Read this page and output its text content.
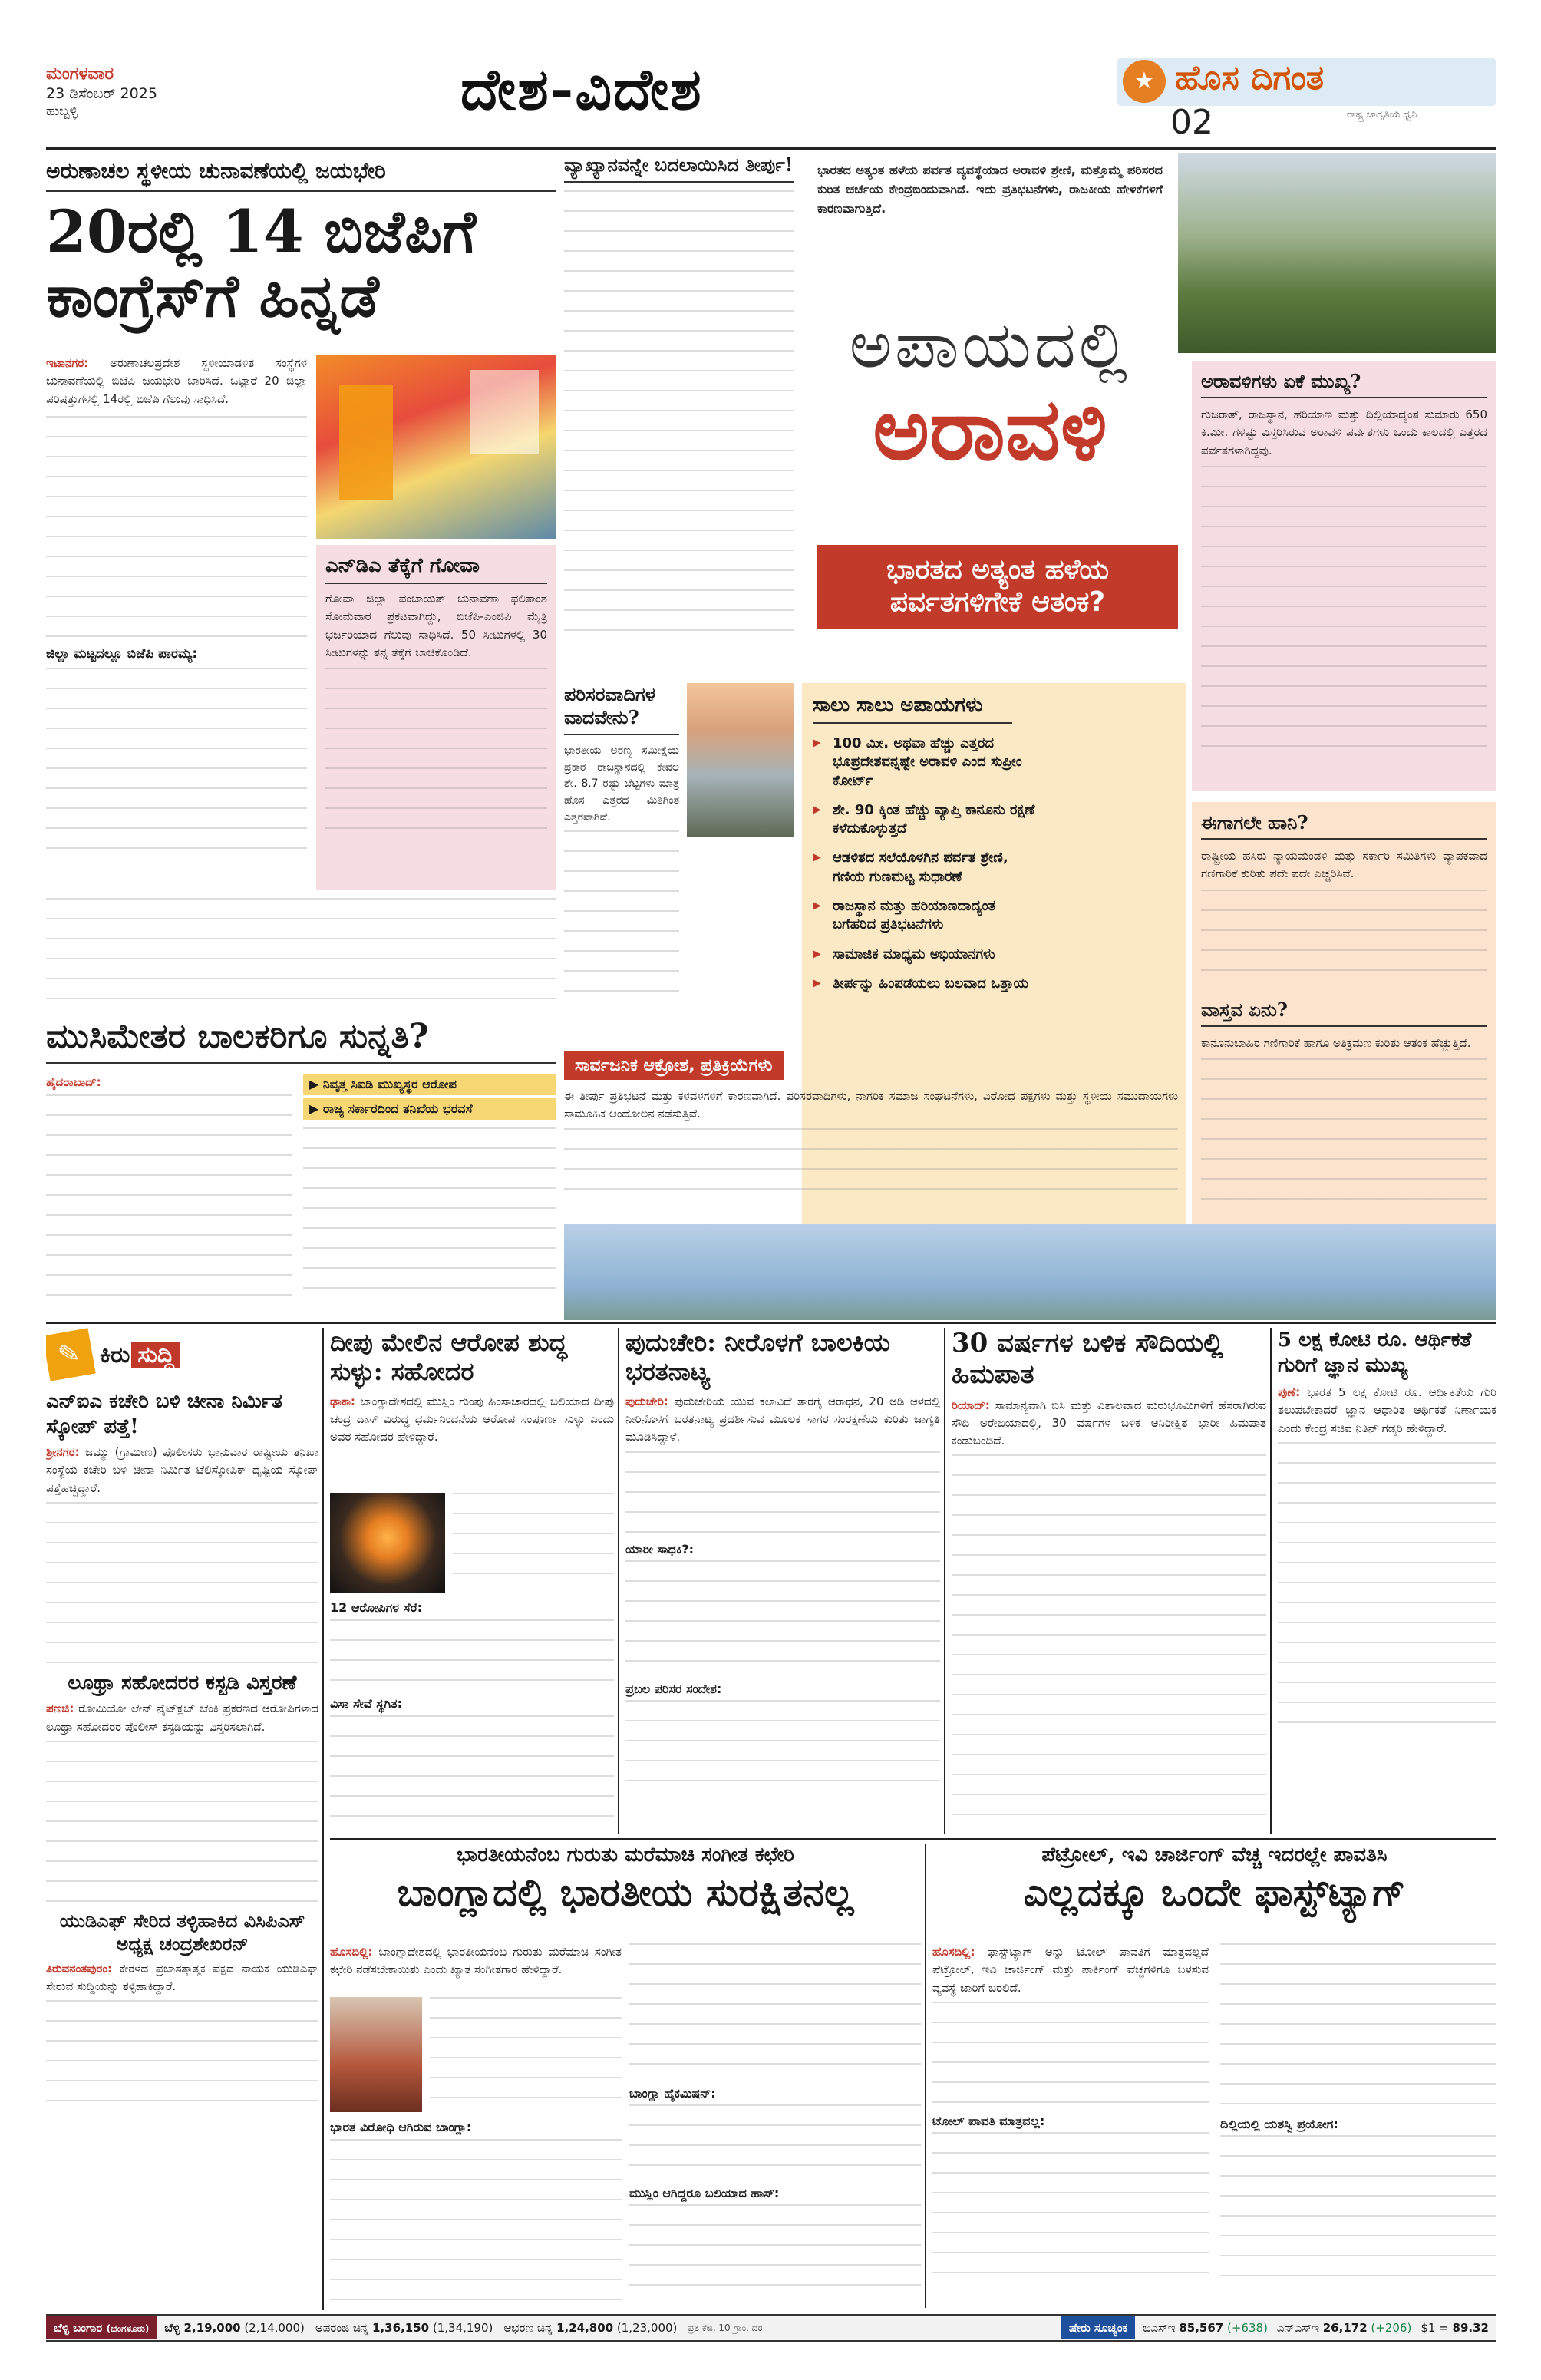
ಮಂಗಳವಾರ
23 ಡಿಸೆಂಬರ್ 2025
ಹುಬ್ಬಳ್ಳಿ	ದೇಶ-ವಿದೇಶ	★ ಹೊಸ ದಿಗಂತ
ರಾಷ್ಟ್ರ ಜಾಗೃತಿಯ ಧ್ವನಿ
02
ಅರುಣಾಚಲ ಸ್ಥಳೀಯ ಚುನಾವಣೆಯಲ್ಲಿ ಜಯಭೇರಿ
20ರಲ್ಲಿ 14 ಬಿಜೆಪಿಗೆ
ಕಾಂಗ್ರೆಸ್‌ಗೆ ಹಿನ್ನಡೆ

ಇಟಾನಗರ: ಅರುಣಾಚಲಪ್ರದೇಶ ಸ್ಥಳೀಯಾಡಳಿತ ಸಂಸ್ಥೆಗಳ ಚುನಾವಣೆಯಲ್ಲಿ ಬಿಜೆಪಿ ಜಯಭೇರಿ ಬಾರಿಸಿದೆ. ಒಟ್ಟಾರೆ 20 ಜಿಲ್ಲಾ ಪರಿಷತ್ತುಗಳಲ್ಲಿ 14ರಲ್ಲಿ ಬಿಜೆಪಿ ಗೆಲುವು ಸಾಧಿಸಿದೆ.

ಜಿಲ್ಲಾ ಮಟ್ಟದಲ್ಲೂ ಬಿಜೆಪಿ ಪಾರಮ್ಯ:

ಎನ್‌ಡಿಎ ತೆಕ್ಕೆಗೆ ಗೋವಾ

ಗೋವಾ ಜಿಲ್ಲಾ ಪಂಚಾಯತ್ ಚುನಾವಣಾ ಫಲಿತಾಂಶ ಸೋಮವಾರ ಪ್ರಕಟವಾಗಿದ್ದು, ಬಿಜೆಪಿ-ಎಂಜಿಪಿ ಮೈತ್ರಿ ಭರ್ಜರಿಯಾದ ಗೆಲುವು ಸಾಧಿಸಿದೆ. 50 ಸೀಟುಗಳಲ್ಲಿ 30 ಸೀಟುಗಳನ್ನು ತನ್ನ ತೆಕ್ಕೆಗೆ ಬಾಚಿಕೊಂಡಿದೆ.

ಮುಸಿಮೇತರ ಬಾಲಕರಿಗೂ ಸುನ್ನತಿ?

ಹೈದರಾಬಾದ್:	▶ ನಿವೃತ್ತ ಸಿಐಡಿ ಮುಖ್ಯಸ್ಥರ ಆರೋಪ
▶ ರಾಜ್ಯ ಸರ್ಕಾರದಿಂದ ತನಿಖೆಯ ಭರವಸೆ
ವ್ಯಾಖ್ಯಾನವನ್ನೇ ಬದಲಾಯಿಸಿದ ತೀರ್ಪು! ಭಾರತದ ಅತ್ಯಂತ ಹಳೆಯ ಪರ್ವತ ವ್ಯವಸ್ಥೆಯಾದ ಅರಾವಳಿ ಶ್ರೇಣಿ, ಮತ್ತೊಮ್ಮೆ ಪರಿಸರದ ಕುರಿತ ಚರ್ಚೆಯ ಕೇಂದ್ರಬಿಂದುವಾಗಿದೆ. ಇದು ಪ್ರತಿಭಟನೆಗಳು, ರಾಜಕೀಯ ಹೇಳಿಕೆಗಳಿಗೆ ಕಾರಣವಾಗುತ್ತಿದೆ.

ಅಪಾಯದಲ್ಲಿ
ಅರಾವಳಿ
ಭಾರತದ ಅತ್ಯಂತ ಹಳೆಯ
ಪರ್ವತಗಳಿಗೇಕೆ ಆತಂಕ?
ಅರಾವಳಿಗಳು ಏಕೆ ಮುಖ್ಯ?

ಗುಜರಾತ್, ರಾಜಸ್ಥಾನ, ಹರಿಯಾಣ ಮತ್ತು ದಿಲ್ಲಿಯಾದ್ಯಂತ ಸುಮಾರು 650 ಕಿ.ಮೀ. ಗಳಷ್ಟು ವಿಸ್ತರಿಸಿರುವ ಅರಾವಳಿ ಪರ್ವತಗಳು ಒಂದು ಕಾಲದಲ್ಲಿ ಎತ್ತರದ ಪರ್ವತಗಳಾಗಿದ್ದವು.

ಈಗಾಗಲೇ ಹಾನಿ?

ರಾಷ್ಟ್ರೀಯ ಹಸಿರು ನ್ಯಾಯಮಂಡಳಿ ಮತ್ತು ಸರ್ಕಾರಿ ಸಮಿತಿಗಳು ವ್ಯಾಪಕವಾದ ಗಣಿಗಾರಿಕೆ ಕುರಿತು ಪದೇ ಪದೇ ಎಚ್ಚರಿಸಿವೆ.

ವಾಸ್ತವ ಏನು?

ಕಾನೂನುಬಾಹಿರ ಗಣಿಗಾರಿಕೆ ಹಾಗೂ ಅತಿಕ್ರಮಣ ಕುರಿತು ಆತಂಕ ಹೆಚ್ಚುತ್ತಿದೆ.

ಪರಿಸರವಾದಿಗಳ ವಾದವೇನು?

ಭಾರತೀಯ ಅರಣ್ಯ ಸಮೀಕ್ಷೆಯ ಪ್ರಕಾರ ರಾಜಸ್ಥಾನದಲ್ಲಿ ಕೇವಲ ಶೇ. 8.7 ರಷ್ಟು ಬೆಟ್ಟಗಳು ಮಾತ್ರ ಹೊಸ ಎತ್ತರದ ಮಿತಿಗಿಂತ ಎತ್ತರವಾಗಿವೆ.

ಸಾಲು ಸಾಲು ಅಪಾಯಗಳು
▶ 100 ಮೀ. ಅಥವಾ ಹೆಚ್ಚು ಎತ್ತರದ ಭೂಪ್ರದೇಶವನ್ನಷ್ಟೇ ಅರಾವಳಿ ಎಂದ ಸುಪ್ರೀಂ ಕೋರ್ಟ್
▶ ಶೇ. 90 ಕ್ಕಿಂತ ಹೆಚ್ಚು ವ್ಯಾಪ್ತಿ ಕಾನೂನು ರಕ್ಷಣೆ ಕಳೆದುಕೊಳ್ಳುತ್ತದೆ
▶ ಆಡಳಿತದ ಸಲೆಯೊಳಗಿನ ಪರ್ವತ ಶ್ರೇಣಿ, ಗಣಿಯ ಗುಣಮಟ್ಟ ಸುಧಾರಣೆ
▶ ರಾಜಸ್ಥಾನ ಮತ್ತು ಹರಿಯಾಣದಾದ್ಯಂತ ಬಗೆಹರಿದ ಪ್ರತಿಭಟನೆಗಳು
▶ ಸಾಮಾಜಿಕ ಮಾಧ್ಯಮ ಅಭಿಯಾನಗಳು
▶ ತೀರ್ಪನ್ನು ಹಿಂಪಡೆಯಲು ಬಲವಾದ ಒತ್ತಾಯ
ಸಾರ್ವಜನಿಕ ಆಕ್ರೋಶ, ಪ್ರತಿಕ್ರಿಯೆಗಳು

ಈ ತೀರ್ಪು ಪ್ರತಿಭಟನೆ ಮತ್ತು ಕಳವಳಗಳಿಗೆ ಕಾರಣವಾಗಿದೆ. ಪರಿಸರವಾದಿಗಳು, ನಾಗರಿಕ ಸಮಾಜ ಸಂಘಟನೆಗಳು, ವಿರೋಧ ಪಕ್ಷಗಳು ಮತ್ತು ಸ್ಥಳೀಯ ಸಮುದಾಯಗಳು ಸಾಮೂಹಿಕ ಆಂದೋಲನ ನಡೆಸುತ್ತಿವೆ.

✎ ಕಿರು ಸುದ್ದಿ
ಎನ್‌ಐಎ ಕಚೇರಿ ಬಳಿ ಚೀನಾ ನಿರ್ಮಿತ ಸ್ಕೋಪ್ ಪತ್ತೆ!

ಶ್ರೀನಗರ: ಜಮ್ಮು (ಗ್ರಾಮೀಣ) ಪೊಲೀಸರು ಭಾನುವಾರ ರಾಷ್ಟ್ರೀಯ ತನಿಖಾ ಸಂಸ್ಥೆಯ ಕಚೇರಿ ಬಳಿ ಚೀನಾ ನಿರ್ಮಿತ ಟೆಲಿಸ್ಕೋಪಿಕ್ ದೃಷ್ಟಿಯ ಸ್ಕೋಪ್ ಪತ್ತೆಹಚ್ಚಿದ್ದಾರೆ.

ಲೂಥ್ರಾ ಸಹೋದರರ ಕಸ್ಟಡಿ ವಿಸ್ತರಣೆ

ಪಣಜಿ: ರೋಮಿಯೋ ಲೇನ್ ನೈಟ್‌ಕ್ಲಬ್ ಬೆಂಕಿ ಪ್ರಕರಣದ ಆರೋಪಿಗಳಾದ ಲೂಥ್ರಾ ಸಹೋದರರ ಪೊಲೀಸ್ ಕಸ್ಟಡಿಯನ್ನು ವಿಸ್ತರಿಸಲಾಗಿದೆ.

ಯುಡಿಎಫ್ ಸೇರಿದ ತಳ್ಳಿಹಾಕಿದ ವಿಸಿಪಿಎಸ್ ಅಧ್ಯಕ್ಷ ಚಂದ್ರಶೇಖರನ್

ತಿರುವನಂತಪುರಂ: ಕೇರಳದ ಪ್ರಜಾಸತ್ತಾತ್ಮಕ ಪಕ್ಷದ ನಾಯಕ ಯುಡಿಎಫ್ ಸೇರುವ ಸುದ್ದಿಯನ್ನು ತಳ್ಳಿಹಾಕಿದ್ದಾರೆ.

ದೀಪು ಮೇಲಿನ ಆರೋಪ ಶುದ್ಧ ಸುಳ್ಳು: ಸಹೋದರ

ಢಾಕಾ: ಬಾಂಗ್ಲಾದೇಶದಲ್ಲಿ ಮುಸ್ಲಿಂ ಗುಂಪು ಹಿಂಸಾಚಾರದಲ್ಲಿ ಬಲಿಯಾದ ದೀಪು ಚಂದ್ರ ದಾಸ್ ವಿರುದ್ಧ ಧರ್ಮನಿಂದನೆಯ ಆರೋಪ ಸಂಪೂರ್ಣ ಸುಳ್ಳು ಎಂದು ಅವರ ಸಹೋದರ ಹೇಳಿದ್ದಾರೆ.

12 ಆರೋಪಿಗಳ ಸೆರೆ:

ವಿಸಾ ಸೇವೆ ಸ್ಥಗಿತ:

ಪುದುಚೇರಿ: ನೀರೊಳಗೆ ಬಾಲಕಿಯ ಭರತನಾಟ್ಯ

ಪುದುಚೇರಿ: ಪುದುಚೇರಿಯ ಯುವ ಕಲಾವಿದೆ ತಾರಗೈ ಆರಾಧನ, 20 ಅಡಿ ಆಳದಲ್ಲಿ ನೀರಿನೊಳಗೆ ಭರತನಾಟ್ಯ ಪ್ರದರ್ಶಿಸುವ ಮೂಲಕ ಸಾಗರ ಸಂರಕ್ಷಣೆಯ ಕುರಿತು ಜಾಗೃತಿ ಮೂಡಿಸಿದ್ದಾಳೆ.

ಯಾರೀ ಸಾಧಕಿ?:

ಪ್ರಬಲ ಪರಿಸರ ಸಂದೇಶ:

30 ವರ್ಷಗಳ ಬಳಿಕ ಸೌದಿಯಲ್ಲಿ ಹಿಮಪಾತ

ರಿಯಾದ್: ಸಾಮಾನ್ಯವಾಗಿ ಬಿಸಿ ಮತ್ತು ವಿಶಾಲವಾದ ಮರುಭೂಮಿಗಳಿಗೆ ಹೆಸರಾಗಿರುವ ಸೌದಿ ಅರೇಬಿಯಾದಲ್ಲಿ, 30 ವರ್ಷಗಳ ಬಳಿಕ ಅನಿರೀಕ್ಷಿತ ಭಾರೀ ಹಿಮಪಾತ ಕಂಡುಬಂದಿದೆ.

5 ಲಕ್ಷ ಕೋಟಿ ರೂ. ಆರ್ಥಿಕತೆ ಗುರಿಗೆ ಜ್ಞಾನ ಮುಖ್ಯ

ಪುಣೆ: ಭಾರತ 5 ಲಕ್ಷ ಕೋಟಿ ರೂ. ಆರ್ಥಿಕತೆಯ ಗುರಿ ತಲುಪಬೇಕಾದರೆ ಜ್ಞಾನ ಆಧಾರಿತ ಆರ್ಥಿಕತೆ ನಿರ್ಣಾಯಕ ಎಂದು ಕೇಂದ್ರ ಸಚಿವ ನಿತಿನ್ ಗಡ್ಕರಿ ಹೇಳಿದ್ದಾರೆ.

ಭಾರತೀಯನೆಂಬ ಗುರುತು ಮರೆಮಾಚಿ ಸಂಗೀತ ಕಛೇರಿ
ಬಾಂಗ್ಲಾದಲ್ಲಿ ಭಾರತೀಯ ಸುರಕ್ಷಿತನಲ್ಲ

ಹೊಸದಿಲ್ಲಿ: ಬಾಂಗ್ಲಾದೇಶದಲ್ಲಿ ಭಾರತೀಯನೆಂಬ ಗುರುತು ಮರೆಮಾಚಿ ಸಂಗೀತ ಕಛೇರಿ ನಡೆಸಬೇಕಾಯಿತು ಎಂದು ಖ್ಯಾತ ಸಂಗೀತಗಾರ ಹೇಳಿದ್ದಾರೆ.

ಭಾರತ ವಿರೋಧಿ ಆಗಿರುವ ಬಾಂಗ್ಲಾ:

ಬಾಂಗ್ಲಾ ಹೈಕಮಿಷನ್:

ಮುಸ್ಲಿಂ ಆಗಿದ್ದರೂ ಬಲಿಯಾದ ಹಾಸ್:

ಪೆಟ್ರೋಲ್, ಇವಿ ಚಾರ್ಜಿಂಗ್ ವೆಚ್ಚ ಇದರಲ್ಲೇ ಪಾವತಿಸಿ
ಎಲ್ಲದಕ್ಕೂ ಒಂದೇ ಫಾಸ್ಟ್‌ಟ್ಯಾಗ್

ಹೊಸದಿಲ್ಲಿ: ಫಾಸ್ಟ್‌ಟ್ಯಾಗ್ ಅನ್ನು ಟೋಲ್ ಪಾವತಿಗೆ ಮಾತ್ರವಲ್ಲದೆ ಪೆಟ್ರೋಲ್, ಇವಿ ಚಾರ್ಜಿಂಗ್ ಮತ್ತು ಪಾರ್ಕಿಂಗ್ ವೆಚ್ಚಗಳಿಗೂ ಬಳಸುವ ವ್ಯವಸ್ಥೆ ಜಾರಿಗೆ ಬರಲಿದೆ.

ಟೋಲ್ ಪಾವತಿ ಮಾತ್ರವಲ್ಲ:	ದಿಲ್ಲಿಯಲ್ಲಿ ಯಶಸ್ವಿ ಪ್ರಯೋಗ:

ಬೆಳ್ಳಿ ಬಂಗಾರ (ಬೆಂಗಳೂರು)	ಬೆಳ್ಳಿ 2,19,000 (2,14,000) ಅಪರಂಜಿ ಚಿನ್ನ 1,36,150 (1,34,190) ಆಭರಣ ಚಿನ್ನ 1,24,800 (1,23,000) ಪ್ರತಿ ಕೆಜಿ, 10 ಗ್ರಾಂ. ದರ	ಷೇರು ಸೂಚ್ಯಂಕ	ಬಿಎಸ್‌ಇ 85,567 (+638) ಎನ್‌ಎಸ್‌ಇ 26,172 (+206) $1 = 89.32
